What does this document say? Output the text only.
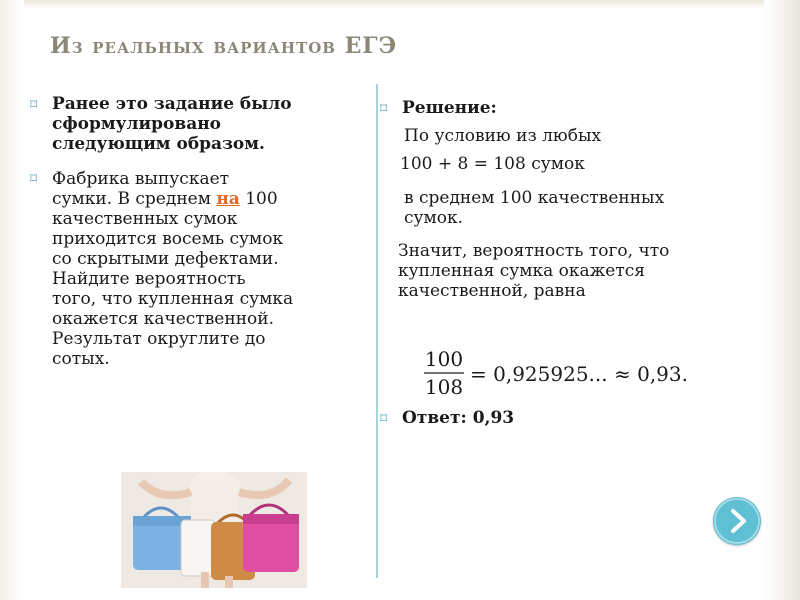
Из реальных вариантов ЕГЭ
⌑ Ранее это задание было
сформулировано
следующим образом.

⌑ Фабрика выпускает
сумки. В среднем на 100
качественных сумок
приходится восемь сумок
со скрытыми дефектами.
Найдите вероятность
того, что купленная сумка
окажется качественной.
Результат округлите до
сотых.

⌑ Решение:

По условию из любых

100 + 8 = 108 сумок

в среднем 100 качественных
сумок.

Значит, вероятность того, что
купленная сумка окажется
качественной, равна

100
108
= 0,925925... ≈ 0,93.
⌑ Ответ: 0,93
